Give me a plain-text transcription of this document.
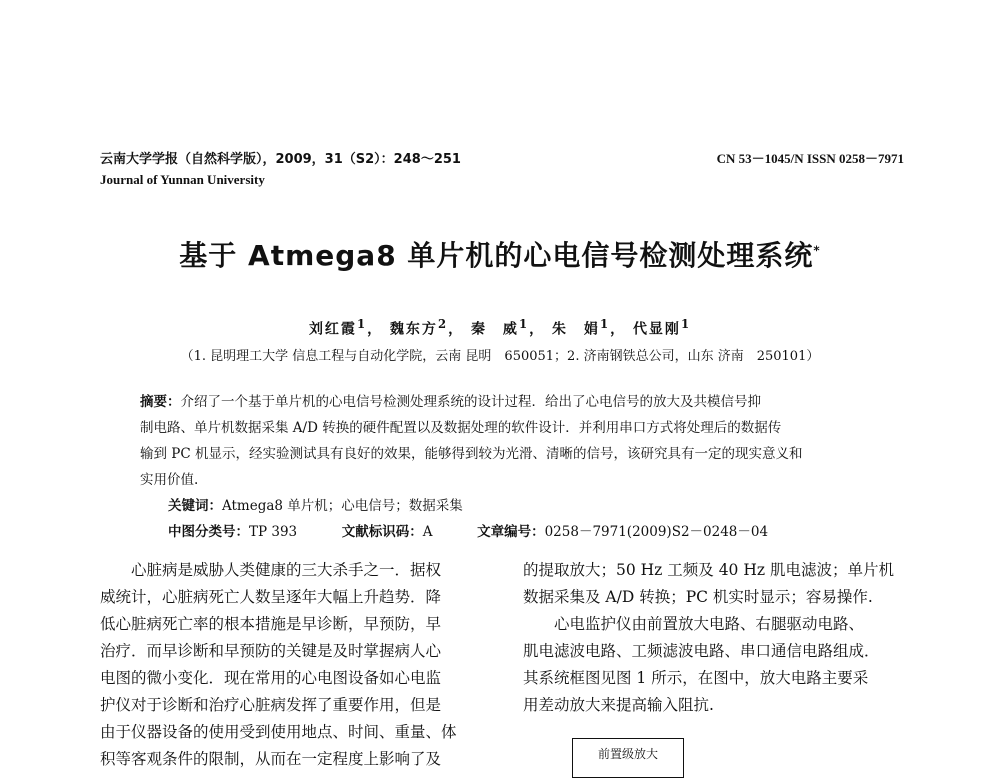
云南大学学报（自然科学版），2009，31（S2）：248～251
Journal of Yunnan University
CN 53－1045/N ISSN 0258－7971
基于 Atmega8 单片机的心电信号检测处理系统*
刘红霞$^1$， 魏东方$^2$， 秦　威$^1$， 朱　娟$^1$， 代显刚$^1$
（1. 昆明理工大学 信息工程与自动化学院，云南 昆明　650051；2. 济南钢铁总公司，山东 济南　250101）
摘要：介绍了一个基于单片机的心电信号检测处理系统的设计过程．给出了心电信号的放大及共模信号抑
制电路、单片机数据采集 A/D 转换的硬件配置以及数据处理的软件设计．并利用串口方式将处理后的数据传
输到 PC 机显示，经实验测试具有良好的效果，能够得到较为光滑、清晰的信号，该研究具有一定的现实意义和
实用价值.
关键词：Atmega8 单片机；心电信号；数据采集
中图分类号：TP 393	文献标识码：A	文章编号：0258－7971(2009)S2－0248－04
　　心脏病是威胁人类健康的三大杀手之一．据权
威统计，心脏病死亡人数呈逐年大幅上升趋势．降
低心脏病死亡率的根本措施是早诊断，早预防，早
治疗．而早诊断和早预防的关键是及时掌握病人心
电图的微小变化．现在常用的心电图设备如心电监
护仪对于诊断和治疗心脏病发挥了重要作用，但是
由于仪器设备的使用受到使用地点、时间、重量、体
积等客观条件的限制，从而在一定程度上影响了及
的提取放大；50 Hz 工频及 40 Hz 肌电滤波；单片机
数据采集及 A/D 转换；PC 机实时显示；容易操作.
　　心电监护仪由前置放大电路、右腿驱动电路、
肌电滤波电路、工频滤波电路、串口通信电路组成．
其系统框图见图 1 所示，在图中，放大电路主要采
用差动放大来提高输入阻抗.
前置级放大
